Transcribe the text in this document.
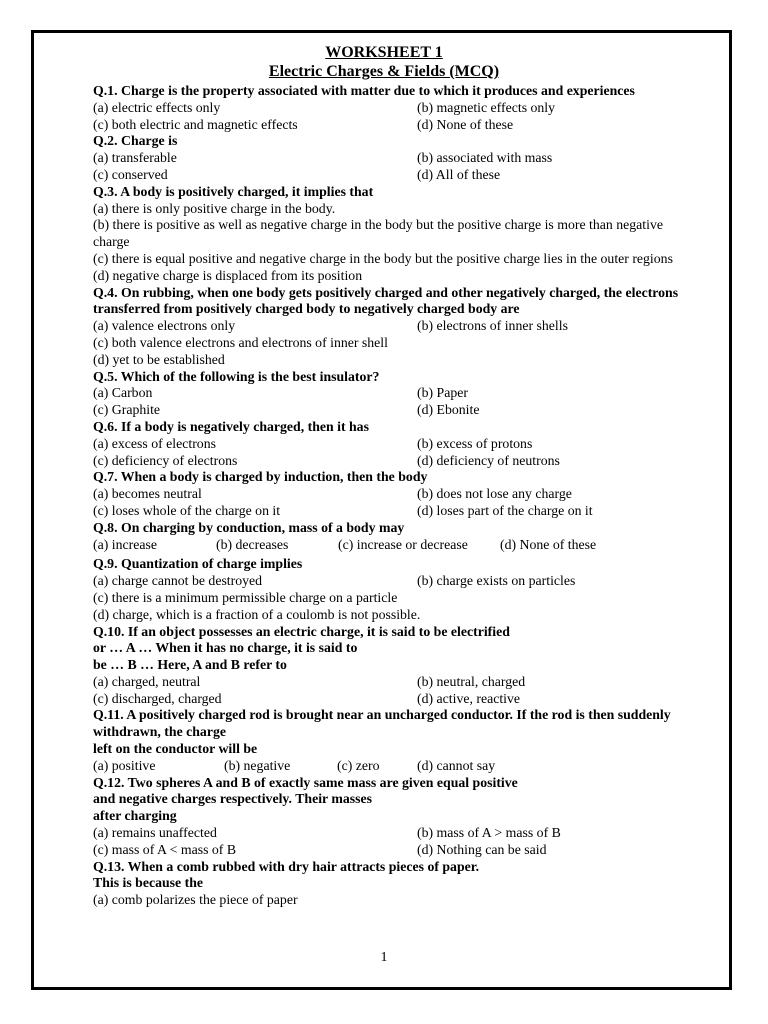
WORKSHEET 1
Electric Charges & Fields (MCQ)
Q.1. Charge is the property associated with matter due to which it produces and experiences
(a) electric effects only	(b) magnetic effects only
(c) both electric and magnetic effects	(d) None of these
Q.2. Charge is
(a) transferable	(b) associated with mass
(c) conserved	(d) All of these
Q.3. A body is positively charged, it implies that
(a) there is only positive charge in the body.
(b) there is positive as well as negative charge in the body but the positive charge is more than negative charge
(c) there is equal positive and negative charge in the body but the positive charge lies in the outer regions
(d) negative charge is displaced from its position
Q.4. On rubbing, when one body gets positively charged and other negatively charged, the electrons transferred from positively charged body to negatively charged body are
(a) valence electrons only	(b) electrons of inner shells
(c) both valence electrons and electrons of inner shell
(d) yet to be established
Q.5. Which of the following is the best insulator?
(a) Carbon	(b) Paper
(c) Graphite	(d) Ebonite
Q.6. If a body is negatively charged, then it has
(a) excess of electrons	(b) excess of protons
(c) deficiency of electrons	(d) deficiency of neutrons
Q.7. When a body is charged by induction, then the body
(a) becomes neutral	(b) does not lose any charge
(c) loses whole of the charge on it	(d) loses part of the charge on it
Q.8. On charging by conduction, mass of a body may
(a) increase	(b) decreases	(c) increase or decrease (d) None of these
Q.9. Quantization of charge implies
(a) charge cannot be destroyed	(b) charge exists on particles
(c) there is a minimum permissible charge on a particle
(d) charge, which is a fraction of a coulomb is not possible.
Q.10. If an object possesses an electric charge, it is said to be electrified
or … A … When it has no charge, it is said to
be … B … Here, A and B refer to
(a) charged, neutral	(b) neutral, charged
(c) discharged, charged	(d) active, reactive
Q.11. A positively charged rod is brought near an uncharged conductor. If the rod is then suddenly withdrawn, the charge
left on the conductor will be
(a) positive	(b) negative	(c) zero	(d) cannot say
Q.12. Two spheres A and B of exactly same mass are given equal positive
and negative charges respectively. Their masses
after charging
(a) remains unaffected	(b) mass of A > mass of B
(c) mass of A < mass of B	(d) Nothing can be said
Q.13. When a comb rubbed with dry hair attracts pieces of paper.
This is because the
(a) comb polarizes the piece of paper
1
